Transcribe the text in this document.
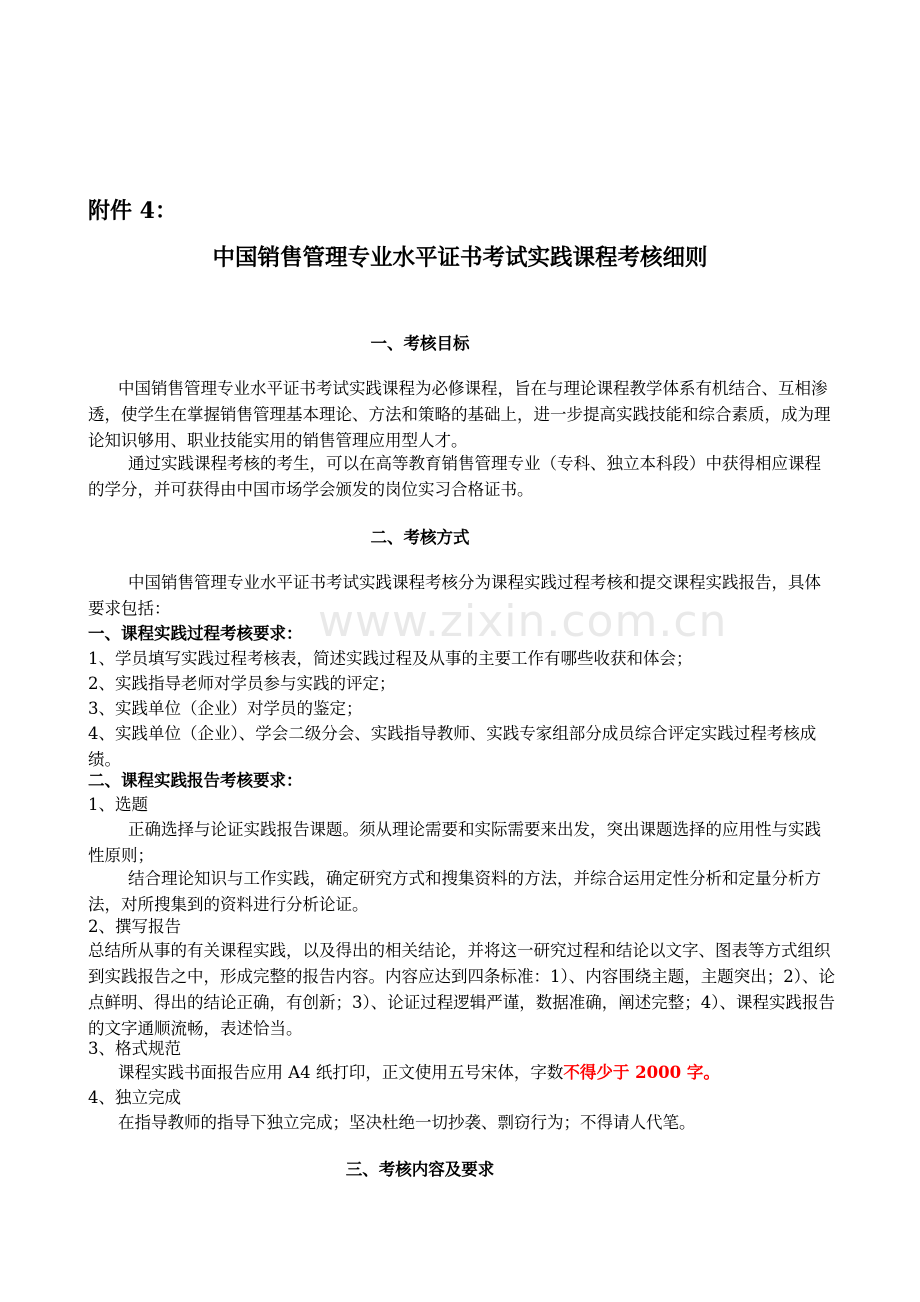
www.zixin.com.cn

附件 4：

中国销售管理专业水平证书考试实践课程考核细则

一、考核目标

中国销售管理专业水平证书考试实践课程为必修课程，旨在与理论课程教学体系有机结合、互相渗透，使学生在掌握销售管理基本理论、方法和策略的基础上，进一步提高实践技能和综合素质，成为理论知识够用、职业技能实用的销售管理应用型人才。

通过实践课程考核的考生，可以在高等教育销售管理专业（专科、独立本科段）中获得相应课程的学分，并可获得由中国市场学会颁发的岗位实习合格证书。

二、考核方式

中国销售管理专业水平证书考试实践课程考核分为课程实践过程考核和提交课程实践报告，具体要求包括：

一、课程实践过程考核要求：

1、学员填写实践过程考核表，简述实践过程及从事的主要工作有哪些收获和体会；

2、实践指导老师对学员参与实践的评定；

3、实践单位（企业）对学员的鉴定；

4、实践单位（企业）、学会二级分会、实践指导教师、实践专家组部分成员综合评定实践过程考核成绩。

二、课程实践报告考核要求：

1、选题

正确选择与论证实践报告课题。须从理论需要和实际需要来出发，突出课题选择的应用性与实践性原则；

结合理论知识与工作实践，确定研究方式和搜集资料的方法，并综合运用定性分析和定量分析方法，对所搜集到的资料进行分析论证。

2、撰写报告

总结所从事的有关课程实践，以及得出的相关结论，并将这一研究过程和结论以文字、图表等方式组织到实践报告之中，形成完整的报告内容。内容应达到四条标准：1）、内容围绕主题，主题突出；2）、论点鲜明、得出的结论正确，有创新；3）、论证过程逻辑严谨，数据准确，阐述完整；4）、课程实践报告的文字通顺流畅，表述恰当。

3、格式规范

课程实践书面报告应用 A4 纸打印，正文使用五号宋体，字数不得少于 2000 字。

4、独立完成

在指导教师的指导下独立完成；坚决杜绝一切抄袭、剽窃行为；不得请人代笔。

三、考核内容及要求
